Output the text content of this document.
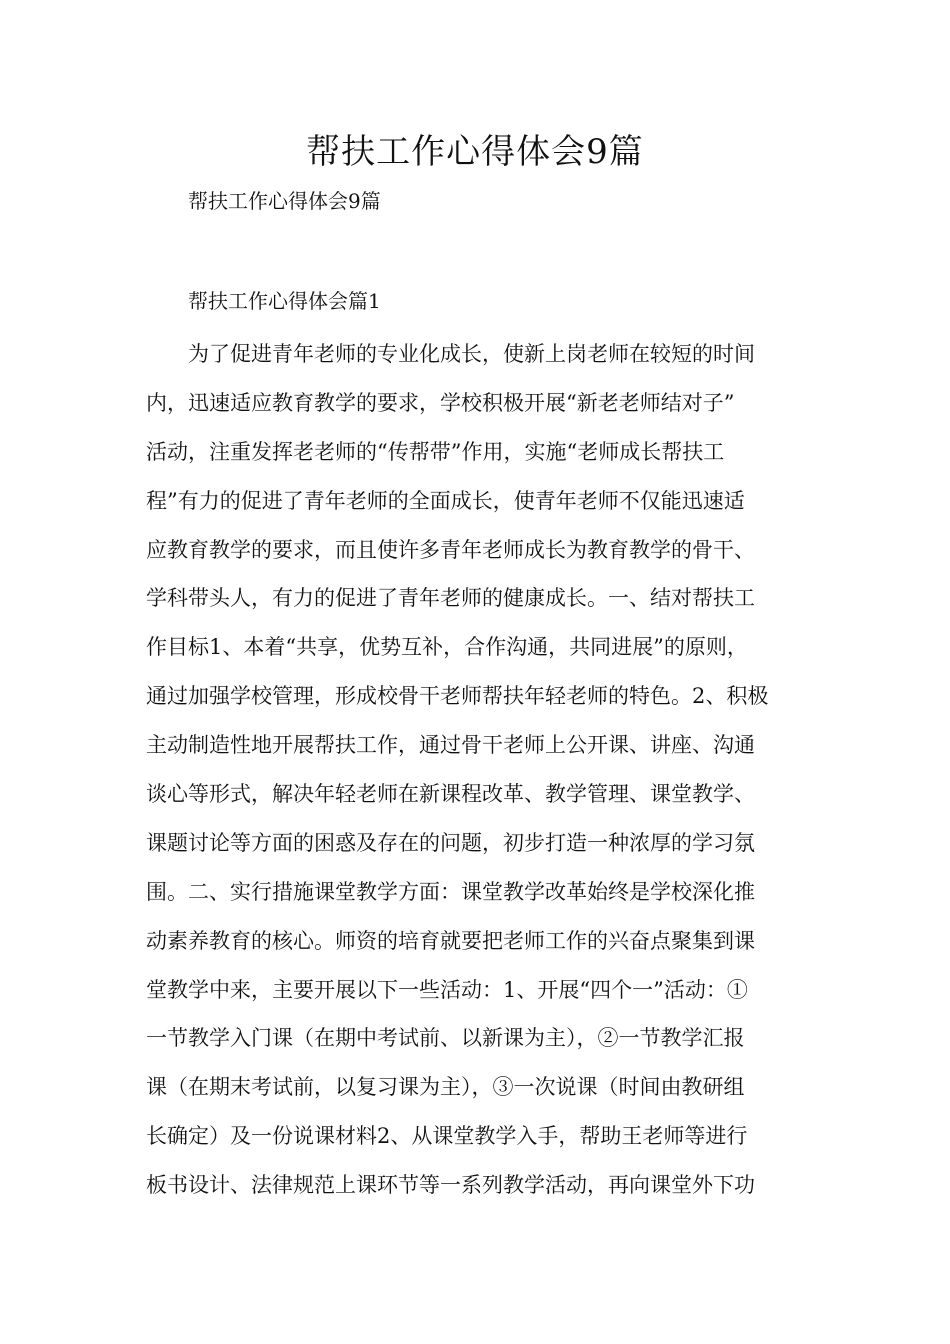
帮扶工作心得体会9篇

帮扶工作心得体会9篇

帮扶工作心得体会篇1

为了促进青年老师的专业化成长，使新上岗老师在较短的时间
内，迅速适应教育教学的要求，学校积极开展“新老老师结对子”
活动，注重发挥老老师的“传帮带”作用，实施“老师成长帮扶工
程”有力的促进了青年老师的全面成长，使青年老师不仅能迅速适
应教育教学的要求，而且使许多青年老师成长为教育教学的骨干、
学科带头人，有力的促进了青年老师的健康成长。一、结对帮扶工
作目标1、本着“共享，优势互补，合作沟通，共同进展”的原则，
通过加强学校管理，形成校骨干老师帮扶年轻老师的特色。2、积极
主动制造性地开展帮扶工作，通过骨干老师上公开课、讲座、沟通
谈心等形式，解决年轻老师在新课程改革、教学管理、课堂教学、
课题讨论等方面的困惑及存在的问题，初步打造一种浓厚的学习氛
围。二、实行措施课堂教学方面：课堂教学改革始终是学校深化推
动素养教育的核心。师资的培育就要把老师工作的兴奋点聚集到课
堂教学中来，主要开展以下一些活动：1、开展“四个一”活动：①
一节教学入门课（在期中考试前、以新课为主），②一节教学汇报
课（在期末考试前，以复习课为主），③一次说课（时间由教研组
长确定）及一份说课材料2、从课堂教学入手，帮助王老师等进行
板书设计、法律规范上课环节等一系列教学活动，再向课堂外下功
